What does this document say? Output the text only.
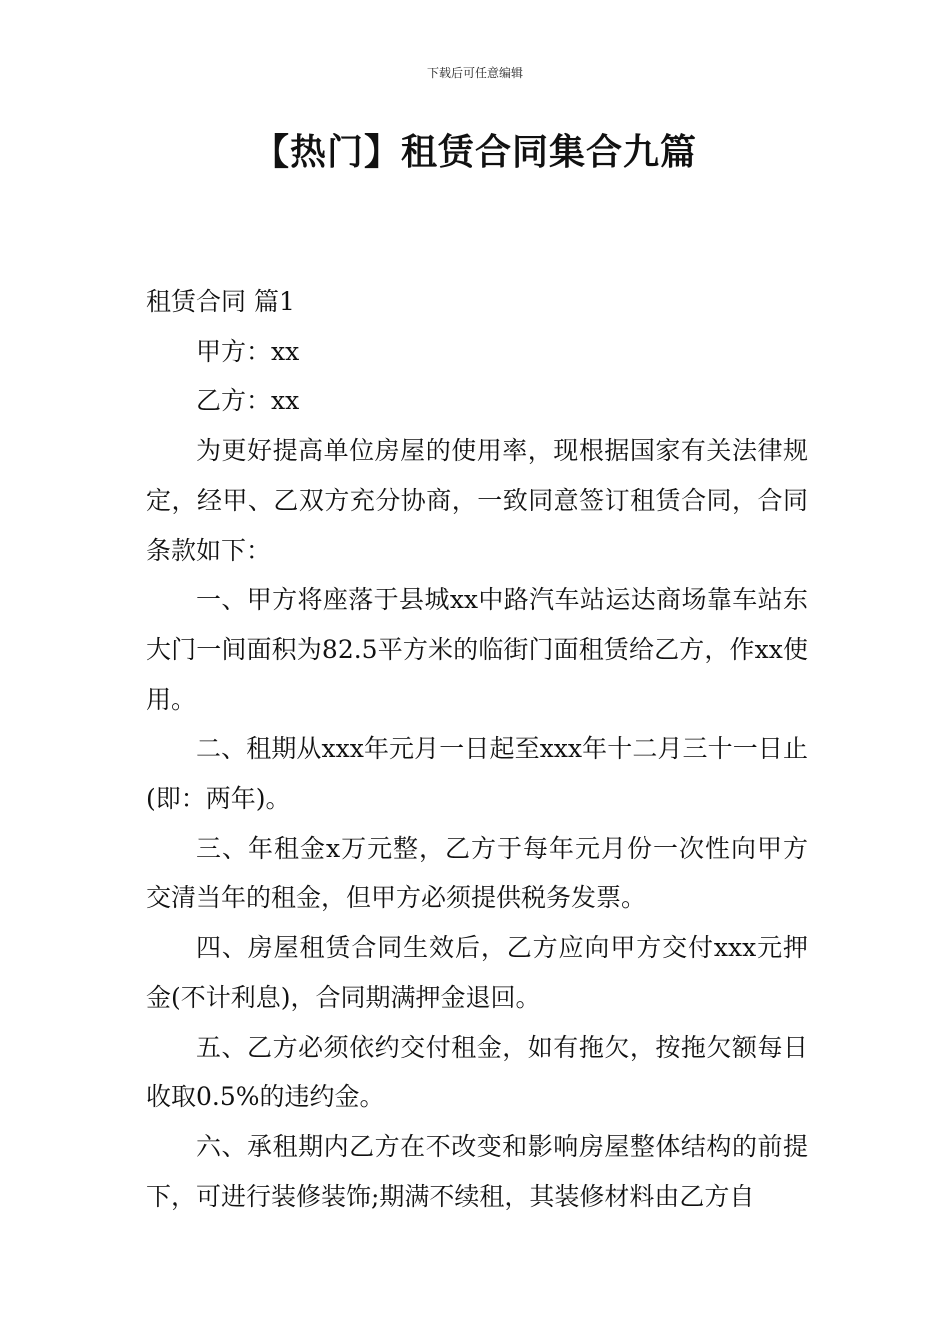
下载后可任意编辑
【热门】租赁合同集合九篇

租赁合同 篇1

甲方：xx

乙方：xx

为更好提高单位房屋的使用率，现根据国家有关法律规定，经甲、乙双方充分协商，一致同意签订租赁合同，合同条款如下：

一、甲方将座落于县城xx中路汽车站运达商场靠车站东大门一间面积为82.5平方米的临街门面租赁给乙方，作xx使用。

二、租期从xxx年元月一日起至xxx年十二月三十一日止(即：两年)。

三、年租金x万元整，乙方于每年元月份一次性向甲方交清当年的租金，但甲方必须提供税务发票。

四、房屋租赁合同生效后，乙方应向甲方交付xxx元押金(不计利息)，合同期满押金退回。

五、乙方必须依约交付租金，如有拖欠，按拖欠额每日收取0.5%的违约金。

六、承租期内乙方在不改变和影响房屋整体结构的前提下，可进行装修装饰;期满不续租，其装修材料由乙方自
